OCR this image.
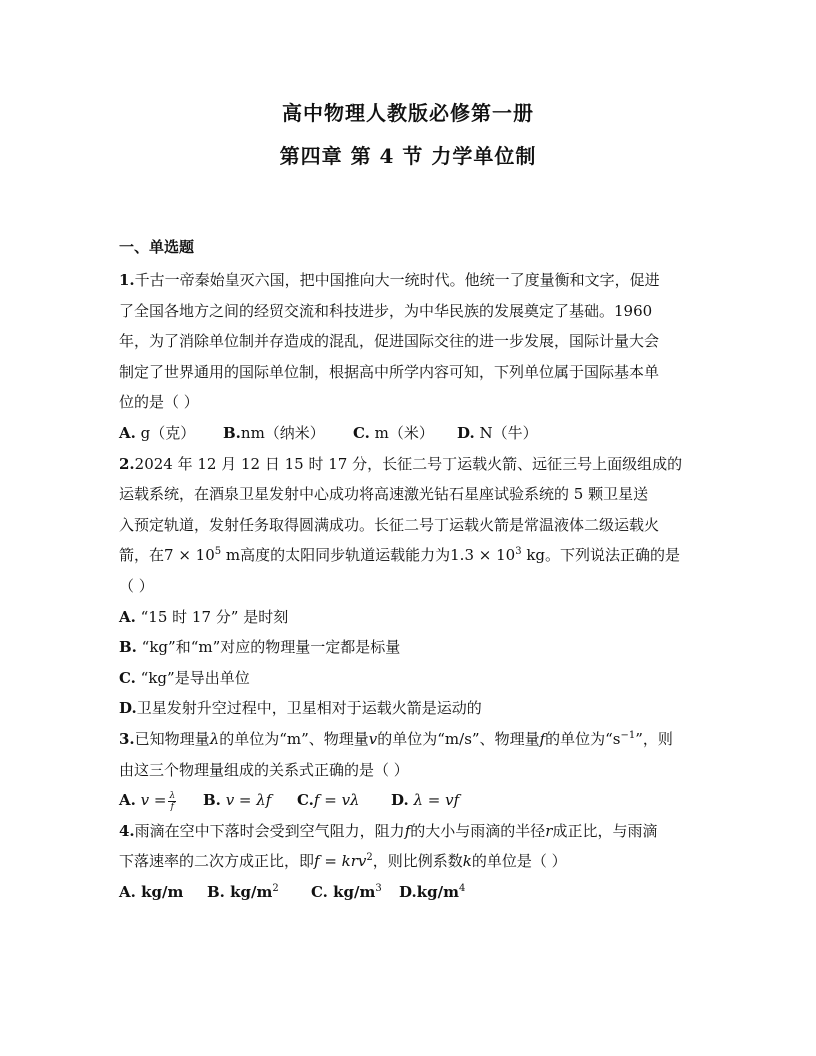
高中物理人教版必修第一册
第四章 第 4 节 力学单位制
一、单选题
1.千古一帝秦始皇灭六国，把中国推向大一统时代。他统一了度量衡和文字，促进
了全国各地方之间的经贸交流和科技进步，为中华民族的发展奠定了基础。1960
年，为了消除单位制并存造成的混乱，促进国际交往的进一步发展，国际计量大会
制定了世界通用的国际单位制，根据高中所学内容可知，下列单位属于国际基本单
位的是（ ）
A. g（克）	B.nm（纳米）	C. m（米）	D. N（牛）
2.2024 年 12 月 12 日 15 时 17 分，长征二号丁运载火箭、远征三号上面级组成的
运载系统，在酒泉卫星发射中心成功将高速激光钻石星座试验系统的 5 颗卫星送
入预定轨道，发射任务取得圆满成功。长征二号丁运载火箭是常温液体二级运载火
箭，在$7 \times 10^5$ m高度的太阳同步轨道运载能力为$1.3 \times 10^3$ kg。下列说法正确的是
（ ）
A. “15 时 17 分” 是时刻
B. “kg”和“m”对应的物理量一定都是标量
C. “kg”是导出单位
D.卫星发射升空过程中，卫星相对于运载火箭是运动的
3.已知物理量λ的单位为“m”、物理量v的单位为“m/s”、物理量f的单位为“$s^{-1}$”，则
由这三个物理量组成的关系式正确的是（ ）
A. $v = \frac{\lambda}{f} B$. v = λf	C.f = vλ	D. λ = vf
4.雨滴在空中下落时会受到空气阻力，阻力f的大小与雨滴的半径r成正比，与雨滴
下落速率的二次方成正比，即f = krv$^2$，则比例系数k的单位是（ ）
A. kg/m	B. $kg/m^2$	C. $kg/m^3$	$D.kg/m^4$
